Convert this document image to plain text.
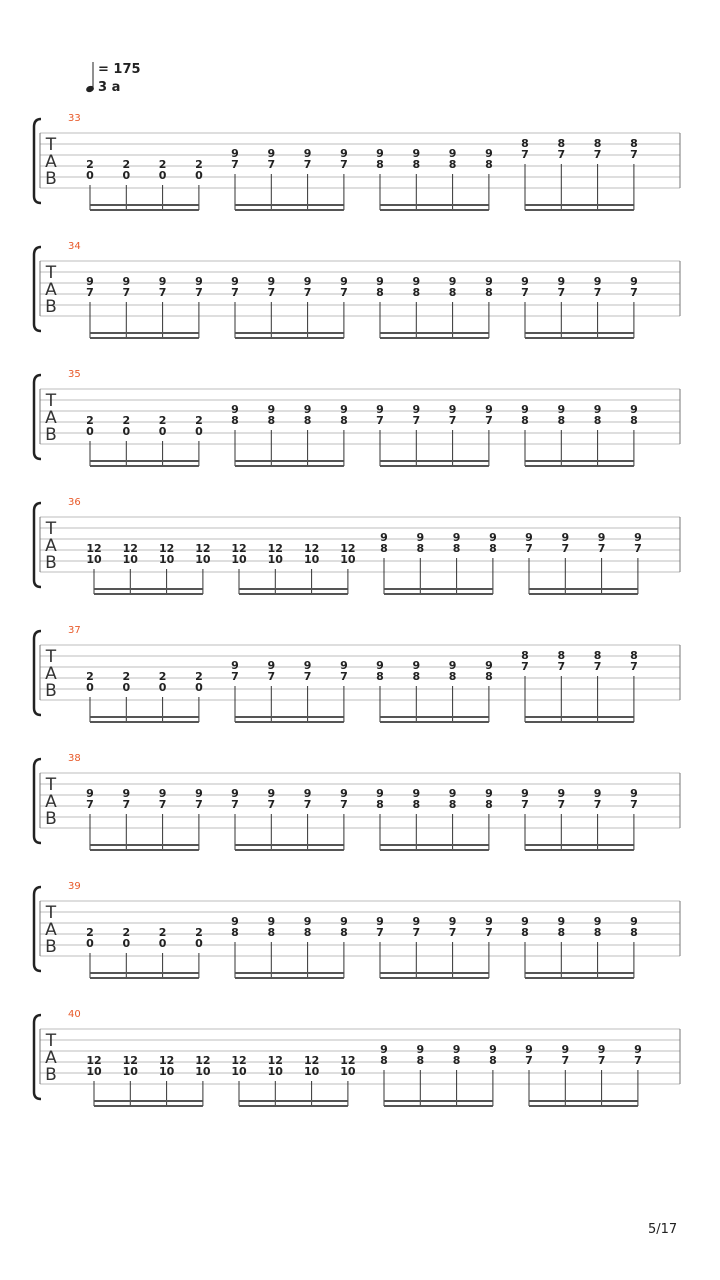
= 175
3 a
33
T
A
B
2
0
2
0
2
0
2
0
9
7
9
7
9
7
9
7
9
8
9
8
9
8
9
8
8
7
8
7
8
7
8
7
34
T
A
B
9
7
9
7
9
7
9
7
9
7
9
7
9
7
9
7
9
8
9
8
9
8
9
8
9
7
9
7
9
7
9
7
35
T
A
B
2
0
2
0
2
0
2
0
9
8
9
8
9
8
9
8
9
7
9
7
9
7
9
7
9
8
9
8
9
8
9
8
36
T
A
B
12
10
12
10
12
10
12
10
12
10
12
10
12
10
12
10
9
8
9
8
9
8
9
8
9
7
9
7
9
7
9
7
37
T
A
B
2
0
2
0
2
0
2
0
9
7
9
7
9
7
9
7
9
8
9
8
9
8
9
8
8
7
8
7
8
7
8
7
38
T
A
B
9
7
9
7
9
7
9
7
9
7
9
7
9
7
9
7
9
8
9
8
9
8
9
8
9
7
9
7
9
7
9
7
39
T
A
B
2
0
2
0
2
0
2
0
9
8
9
8
9
8
9
8
9
7
9
7
9
7
9
7
9
8
9
8
9
8
9
8
40
T
A
B
12
10
12
10
12
10
12
10
12
10
12
10
12
10
12
10
9
8
9
8
9
8
9
8
9
7
9
7
9
7
9
7
5/17
